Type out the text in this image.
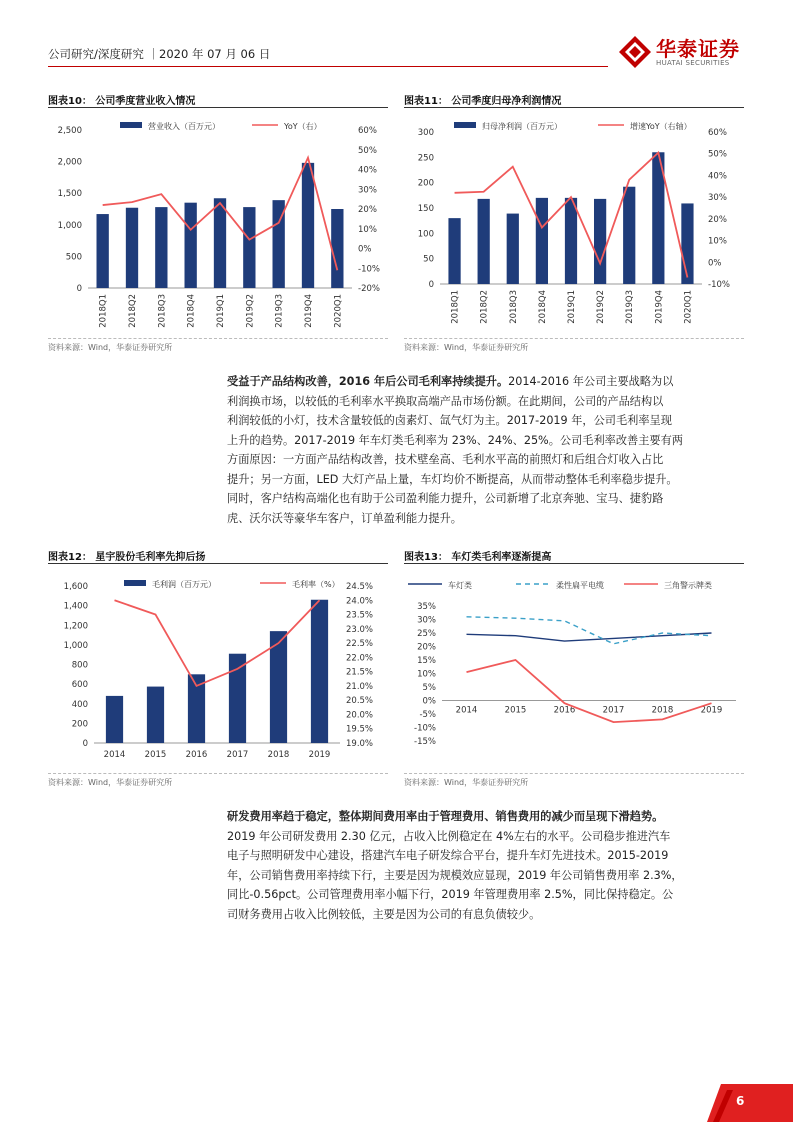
公司研究/深度研究 ｜2020 年 07 月 06 日	华泰证券
HUATAI SECURITIES
图表10： 公司季度营业收入情况
营业收入（百万元）	YoY（右）
0
500
1,000
1,500
2,000
2,500
-20%
-10%
0%
10%
20%
30%
40%
50%
60%
2018Q1 2018Q2 2018Q3 2018Q4 2019Q1 2019Q2 2019Q3 2019Q4 2020Q1
资料来源：Wind，华泰证券研究所
图表11： 公司季度归母净利润情况
归母净利润（百万元）	增速YoY（右轴）
0
50
100
150
200
250
300
-10%
0%
10%
20%
30%
40%
50%
60%
2018Q1 2018Q2 2018Q3 2018Q4 2019Q1 2019Q2 2019Q3 2019Q4 2020Q1
资料来源：Wind，华泰证券研究所
受益于产品结构改善，2016 年后公司毛利率持续提升。2014-2016 年公司主要战略为以
利润换市场，以较低的毛利率水平换取高端产品市场份额。在此期间，公司的产品结构以
利润较低的小灯，技术含量较低的卤素灯、氙气灯为主。2017-2019 年，公司毛利率呈现
上升的趋势。2017-2019 年车灯类毛利率为 23%、24%、25%。公司毛利率改善主要有两
方面原因：一方面产品结构改善，技术壁垒高、毛利水平高的前照灯和后组合灯收入占比
提升；另一方面，LED 大灯产品上量，车灯均价不断提高，从而带动整体毛利率稳步提升。
同时，客户结构高端化也有助于公司盈利能力提升，公司新增了北京奔驰、宝马、捷豹路
虎、沃尔沃等豪华车客户，订单盈利能力提升。
图表12： 星宇股份毛利率先抑后扬
毛利润（百万元）	毛利率（%）
0
200
400
600
800
1,000
1,200
1,400
1,600
19.0%
19.5%
20.0%
20.5%
21.0%
21.5%
22.0%
22.5%
23.0%
23.5%
24.0%
24.5%
2014 2015 2016 2017 2018 2019
资料来源：Wind，华泰证券研究所
图表13： 车灯类毛利率逐渐提高
车灯类	柔性扁平电缆	三角警示牌类
-15%
-10%
-5%
0%
5%
10%
15%
20%
25%
30%
35%
2014	2015	2016	2017	2018	2019
资料来源：Wind，华泰证券研究所
研发费用率趋于稳定，整体期间费用率由于管理费用、销售费用的减少而呈现下滑趋势。
2019 年公司研发费用 2.30 亿元，占收入比例稳定在 4%左右的水平。公司稳步推进汽车
电子与照明研发中心建设，搭建汽车电子研发综合平台，提升车灯先进技术。2015-2019
年，公司销售费用率持续下行，主要是因为规模效应显现，2019 年公司销售费用率 2.3%，
同比-0.56pct。公司管理费用率小幅下行，2019 年管理费用率 2.5%，同比保持稳定。公
司财务费用占收入比例较低，主要是因为公司的有息负债较少。
6
